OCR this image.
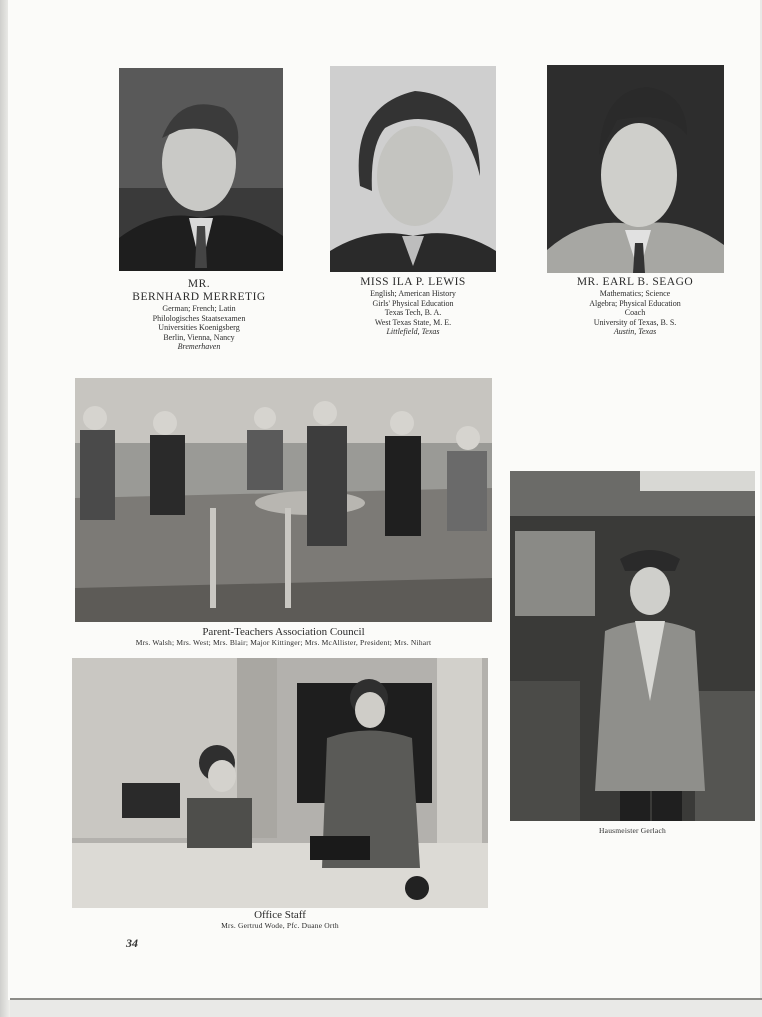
MR.
BERNHARD MERRETIG
German; French; Latin
Philologisches Staatsexamen
Universities Koenigsberg
Berlin, Vienna, Nancy
Bremerhaven
MISS ILA P. LEWIS
English; American History
Girls' Physical Education
Texas Tech, B. A.
West Texas State, M. E.
Littlefield, Texas
MR. EARL B. SEAGO
Mathematics; Science
Algebra; Physical Education
Coach
University of Texas, B. S.
Austin, Texas
Parent-Teachers Association Council
Mrs. Walsh; Mrs. West; Mrs. Blair; Major Kittinger; Mrs. McAllister, President; Mrs. Nihart
Hausmeister Gerlach
Office Staff
Mrs. Gertrud Wode, Pfc. Duane Orth
34
